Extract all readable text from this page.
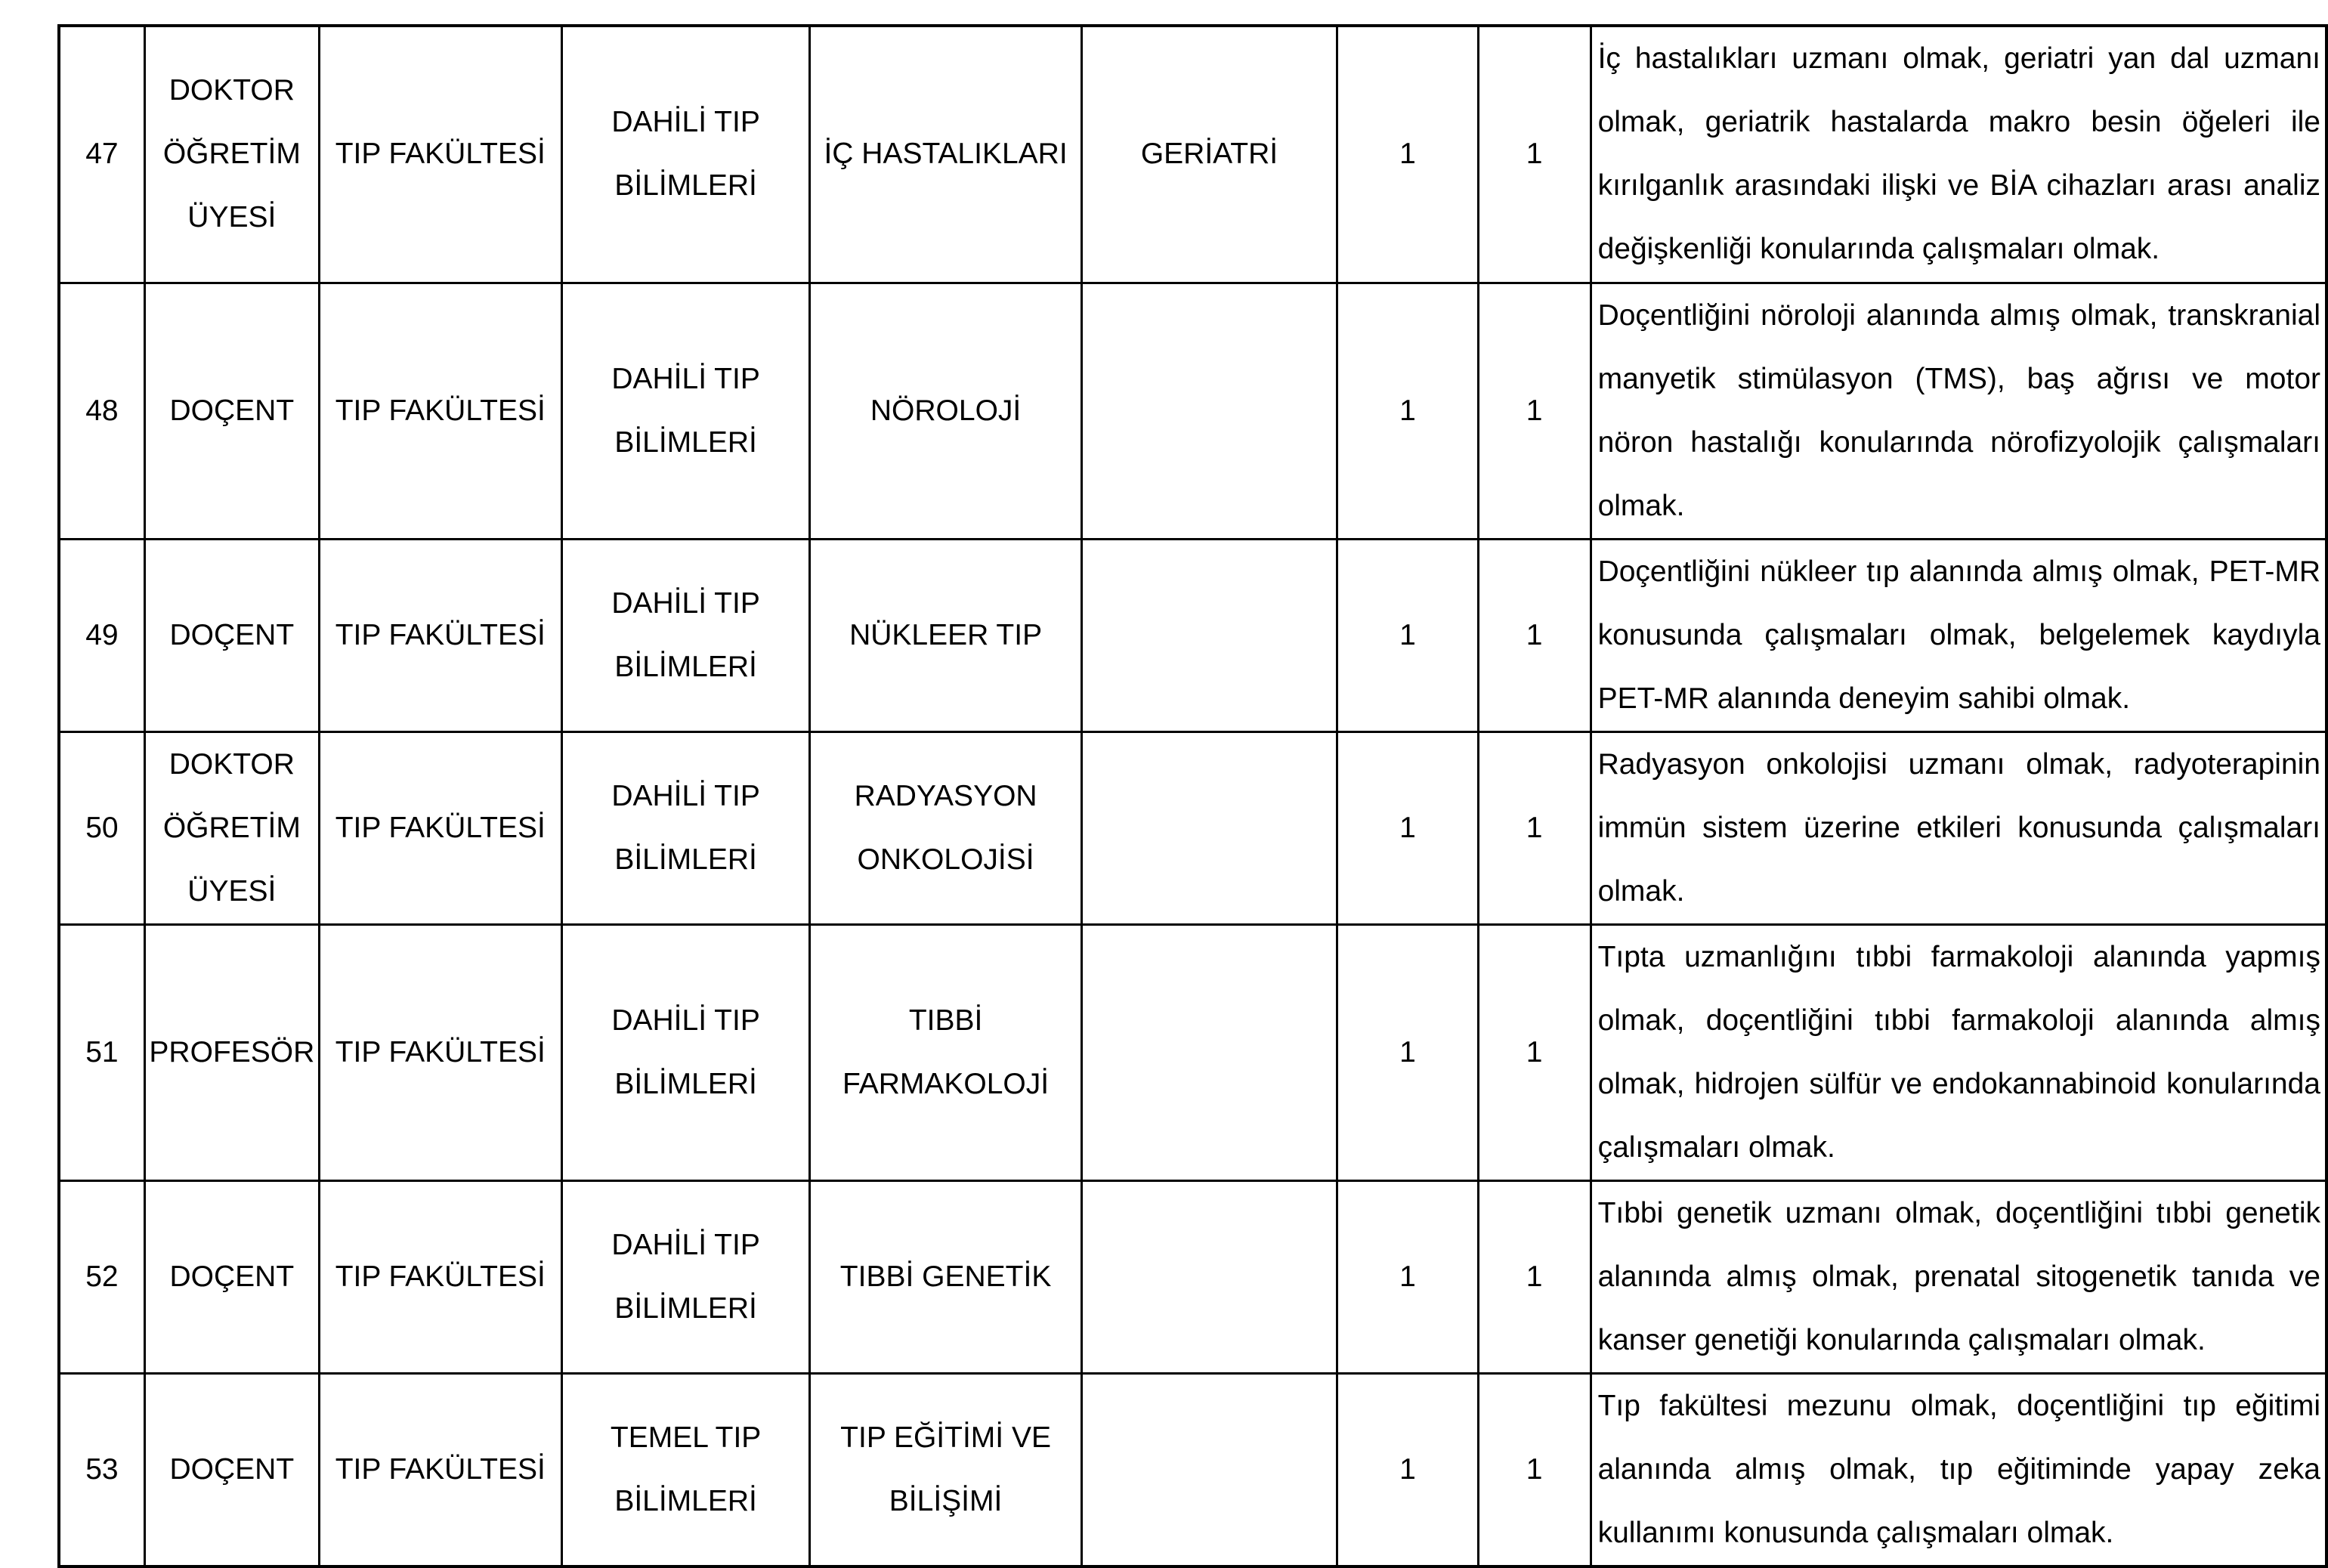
47	DOKTOR ÖĞRETİM ÜYESİ	TIP FAKÜLTESİ	DAHİLİ TIP BİLİMLERİ	İÇ HASTALIKLARI	GERİATRİ	1	1	İç hastalıkları uzmanı olmak, geriatri yan dal uzmanı olmak, geriatrik hastalarda makro besin öğeleri ile kırılganlık arasındaki ilişki ve BİA cihazları arası analiz değişkenliği konularında çalışmaları olmak.
48	DOÇENT	TIP FAKÜLTESİ	DAHİLİ TIP BİLİMLERİ	NÖROLOJİ		1	1	Doçentliğini nöroloji alanında almış olmak, transkranial manyetik stimülasyon (TMS), baş ağrısı ve motor nöron hastalığı konularında nörofizyolojik çalışmaları olmak.
49	DOÇENT	TIP FAKÜLTESİ	DAHİLİ TIP BİLİMLERİ	NÜKLEER TIP		1	1	Doçentliğini nükleer tıp alanında almış olmak, PET-MR konusunda çalışmaları olmak, belgelemek kaydıyla PET-MR alanında deneyim sahibi olmak.
50	DOKTOR ÖĞRETİM ÜYESİ	TIP FAKÜLTESİ	DAHİLİ TIP BİLİMLERİ	RADYASYON ONKOLOJİSİ		1	1	Radyasyon onkolojisi uzmanı olmak, radyoterapinin immün sistem üzerine etkileri konusunda çalışmaları olmak.
51	PROFESÖR	TIP FAKÜLTESİ	DAHİLİ TIP BİLİMLERİ	TIBBİ FARMAKOLOJİ		1	1	Tıpta uzmanlığını tıbbi farmakoloji alanında yapmış olmak, doçentliğini tıbbi farmakoloji alanında almış olmak, hidrojen sülfür ve endokannabinoid konularında çalışmaları olmak.
52	DOÇENT	TIP FAKÜLTESİ	DAHİLİ TIP BİLİMLERİ	TIBBİ GENETİK		1	1	Tıbbi genetik uzmanı olmak, doçentliğini tıbbi genetik alanında almış olmak, prenatal sitogenetik tanıda ve kanser genetiği konularında çalışmaları olmak.
53	DOÇENT	TIP FAKÜLTESİ	TEMEL TIP BİLİMLERİ	TIP EĞİTİMİ VE BİLİŞİMİ		1	1	Tıp fakültesi mezunu olmak, doçentliğini tıp eğitimi alanında almış olmak, tıp eğitiminde yapay zeka kullanımı konusunda çalışmaları olmak.
